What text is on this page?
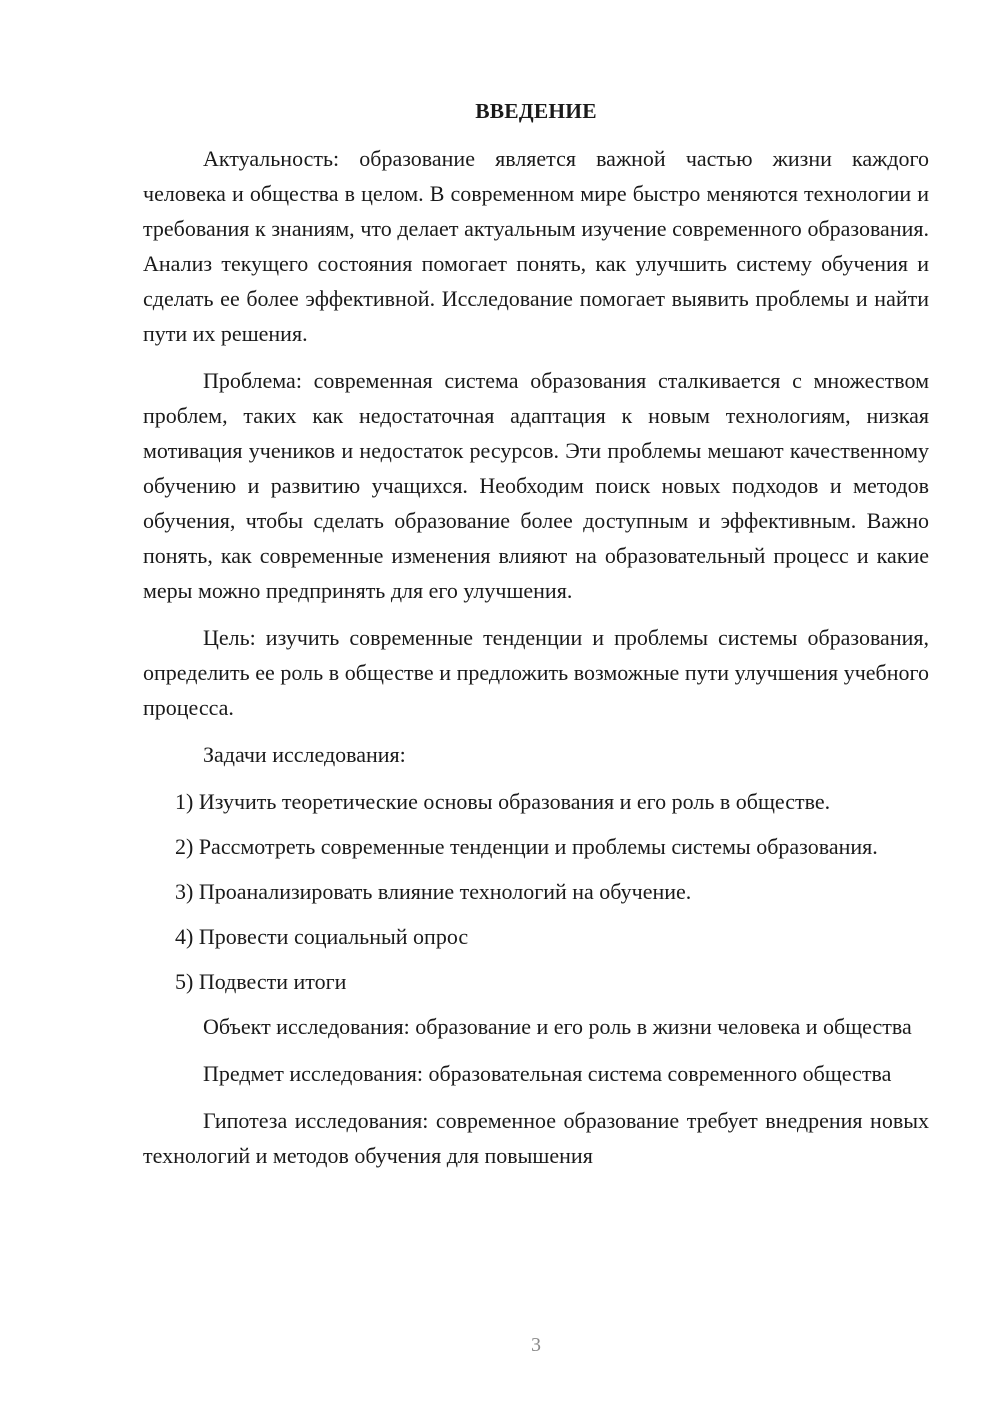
ВВЕДЕНИЕ

Актуальность: образование является важной частью жизни каждого человека и общества в целом. В современном мире быстро меняются технологии и требования к знаниям, что делает актуальным изучение современного образования. Анализ текущего состояния помогает понять, как улучшить систему обучения и сделать ее более эффективной. Исследование помогает выявить проблемы и найти пути их решения.

Проблема: современная система образования сталкивается с множеством проблем, таких как недостаточная адаптация к новым технологиям, низкая мотивация учеников и недостаток ресурсов. Эти проблемы мешают качественному обучению и развитию учащихся. Необходим поиск новых подходов и методов обучения, чтобы сделать образование более доступным и эффективным. Важно понять, как современные изменения влияют на образовательный процесс и какие меры можно предпринять для его улучшения.

Цель: изучить современные тенденции и проблемы системы образования, определить ее роль в обществе и предложить возможные пути улучшения учебного процесса.

Задачи исследования:

1) Изучить теоретические основы образования и его роль в обществе.

2) Рассмотреть современные тенденции и проблемы системы образования.

3) Проанализировать влияние технологий на обучение.

4) Провести социальный опрос

5) Подвести итоги

Объект исследования: образование и его роль в жизни человека и общества

Предмет исследования: образовательная система современного общества

Гипотеза исследования: современное образование требует внедрения новых технологий и методов обучения для повышения

3
